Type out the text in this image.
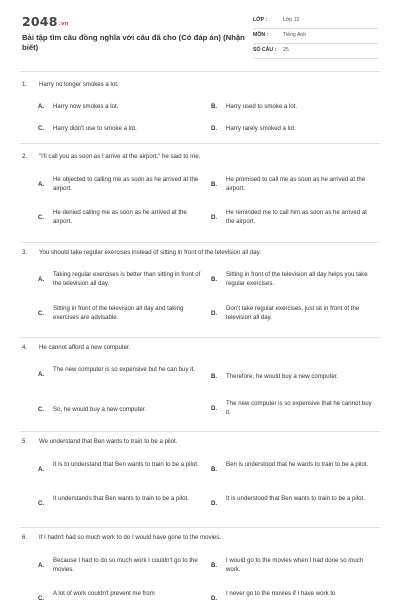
2048.vn
Bài tập tìm câu đồng nghĩa với câu đã cho (Có đáp án) (Nhận biết)
LỚP :	Lớp 12
MÔN :	Tiếng Anh
SỐ CÂU : 25
1.	Harry no longer smokes a lot.
A. Harry now smokes a lot.	B. Harry used to smoke a lot.
C. Harry didn't use to smoke a lot.	D. Harry rarely smoked a lot.
2.	"I'll call you as soon as I arrive at the airport," he said to me.
A.
He objected to calling me as soon as he arrived at the airport.
B.
He promised to call me as soon as he arrived at the airport.
C.
He denied calling me as soon as he arrived at the airport.
D.
He reminded me to call him as soon as he arrived at the airport.
3.	You should take regular exercises instead of sitting in front of the television all day.
A.
Taking regular exercises is better than sitting in front of the television all day.
B.
Sitting in front of the television all day helps you take regular exercises.
C.
Sitting in front of the television all day and taking exercises are advisable.
D.
Don't take regular exercises, just sit in front of the television all day.
4.	He cannot afford a new computer.
A.
The new computer is so expensive but he can buy it.
B. Therefore, he would buy a new computer.
C. So, he would buy a new computer.	D.
The new computer is so expensive that he cannot buy it.
5.	We understand that Ben wants to train to be a pilot.
A.
It is to understand that Ben wants to train to be a pilot.
B.
Ben is understood that he wants to train to be a pilot.
C.
It understands that Ben wants to train to be a pilot.
D.
It is understood that Ben wants to train to be a pilot.
6.	If I hadn't had so much work to do I would have gone to the movies.
A.
Because I had to do so much work I couldn't go to the movies.
B.
I would go to the movies when I had done so much work.
C.
A lot of work couldn't prevent me from
D.
I never go to the movies if I have work to
